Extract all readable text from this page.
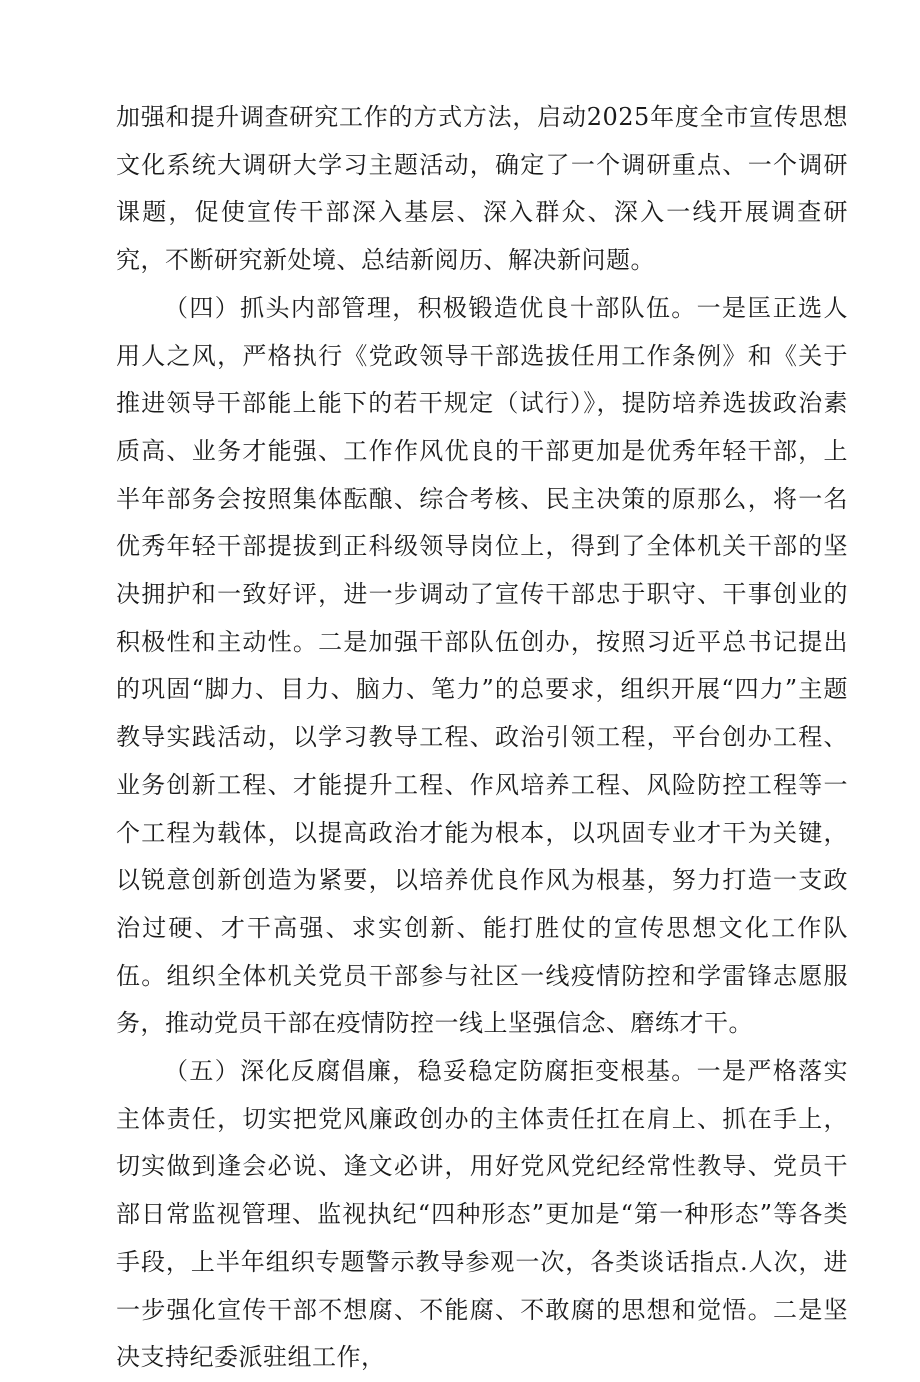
加强和提升调查研究工作的方式方法，启动2025年度全市宣传思想文化系统大调研大学习主题活动，确定了一个调研重点、一个调研课题，促使宣传干部深入基层、深入群众、深入一线开展调查研究，不断研究新处境、总结新阅历、解决新问题。

（四）抓头内部管理，积极锻造优良十部队伍。一是匡正选人用人之风，严格执行《党政领导干部选拔任用工作条例》和《关于推进领导干部能上能下的若干规定（试行）》，提防培养选拔政治素质高、业务才能强、工作作风优良的干部更加是优秀年轻干部，上半年部务会按照集体酝酿、综合考核、民主决策的原那么，将一名优秀年轻干部提拔到正科级领导岗位上，得到了全体机关干部的坚决拥护和一致好评，进一步调动了宣传干部忠于职守、干事创业的积极性和主动性。二是加强干部队伍创办，按照习近平总书记提出的巩固“脚力、目力、脑力、笔力”的总要求，组织开展“四力”主题教导实践活动，以学习教导工程、政治引领工程，平台创办工程、业务创新工程、才能提升工程、作风培养工程、风险防控工程等一个工程为载体，以提高政治才能为根本，以巩固专业才干为关键，以锐意创新创造为紧要，以培养优良作风为根基，努力打造一支政治过硬、才干高强、求实创新、能打胜仗的宣传思想文化工作队伍。组织全体机关党员干部参与社区一线疫情防控和学雷锋志愿服务，推动党员干部在疫情防控一线上坚强信念、磨练才干。

（五）深化反腐倡廉，稳妥稳定防腐拒变根基。一是严格落实主体责任，切实把党风廉政创办的主体责任扛在肩上、抓在手上，切实做到逢会必说、逢文必讲，用好党风党纪经常性教导、党员干部日常监视管理、监视执纪“四种形态”更加是“第一种形态”等各类手段，上半年组织专题警示教导参观一次，各类谈话指点.人次，进一步强化宣传干部不想腐、不能腐、不敢腐的思想和觉悟。二是坚决支持纪委派驻组工作，
